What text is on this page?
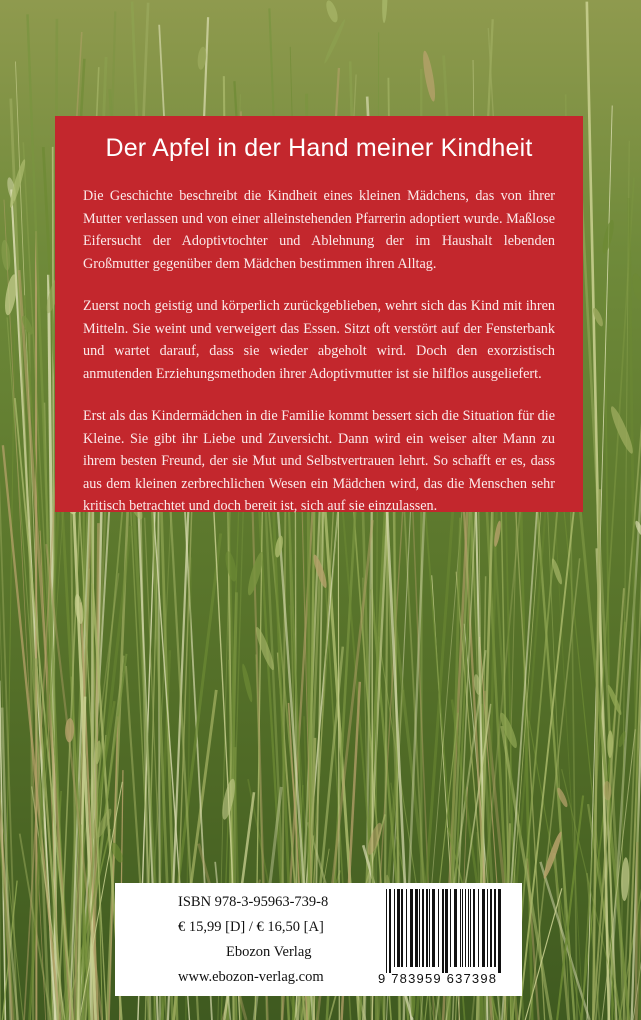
Der Apfel in der Hand meiner Kindheit

Die Geschichte beschreibt die Kindheit eines kleinen Mädchens, das von ihrer Mutter verlassen und von einer alleinstehenden Pfarrerin adoptiert wurde. Maßlose Eifersucht der Adoptivtochter und Ablehnung der im Haushalt lebenden Großmutter gegenüber dem Mädchen bestimmen ihren Alltag.

Zuerst noch geistig und körperlich zurückgeblieben, wehrt sich das Kind mit ihren Mitteln. Sie weint und verweigert das Essen. Sitzt oft verstört auf der Fensterbank und wartet darauf, dass sie wieder abgeholt wird. Doch den exorzistisch anmutenden Erziehungsmethoden ihrer Adoptivmutter ist sie hilflos ausgeliefert.

Erst als das Kindermädchen in die Familie kommt bessert sich die Situation für die Kleine. Sie gibt ihr Liebe und Zuversicht. Dann wird ein weiser alter Mann zu ihrem besten Freund, der sie Mut und Selbstvertrauen lehrt. So schafft er es, dass aus dem kleinen zerbrechlichen Wesen ein Mädchen wird, das die Menschen sehr kritisch betrachtet und doch bereit ist, sich auf sie einzulassen.

ISBN 978-3-95963-739-8
€ 15,99 [D] / € 16,50 [A]
Ebozon Verlag
www.ebozon-verlag.com	9 783959 637398
